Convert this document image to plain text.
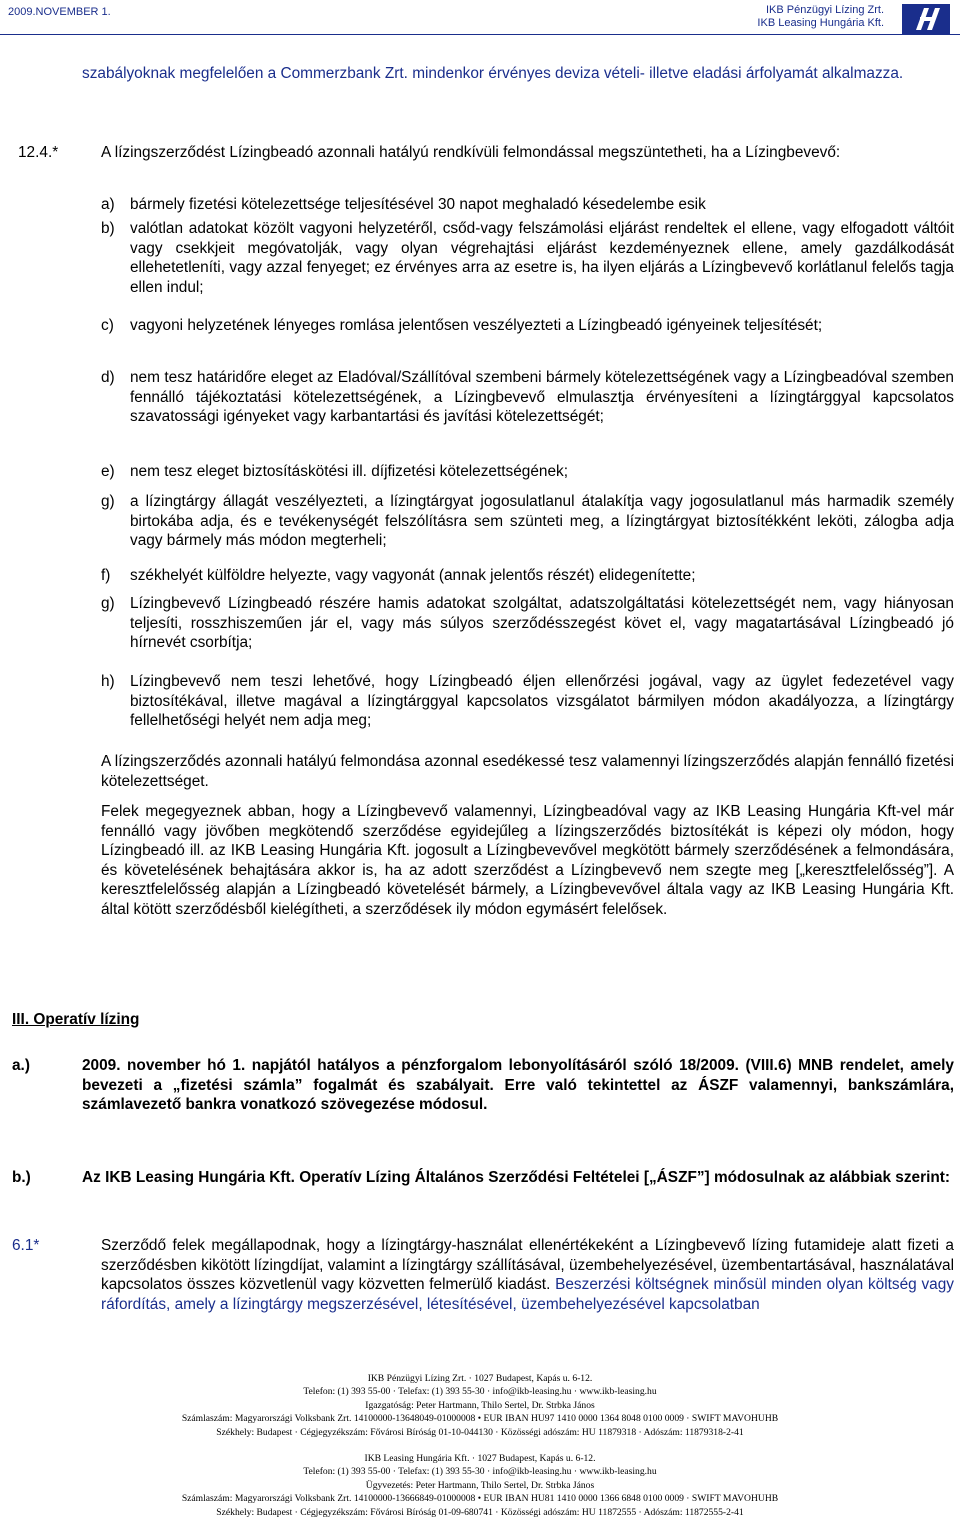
2009.NOVEMBER 1.	IKB Pénzügyi Lízing Zrt.
IKB Leasing Hungária Kft.
szabályoknak megfelelően a Commerzbank Zrt. mindenkor érvényes deviza vételi- illetve eladási árfolyamát alkalmazza.
12.4.*	A lízingszerződést Lízingbeadó azonnali hatályú rendkívüli felmondással megszüntetheti, ha a Lízingbevevő:
a) bármely fizetési kötelezettsége teljesítésével 30 napot meghaladó késedelembe esik
b) valótlan adatokat közölt vagyoni helyzetéről, csőd-vagy felszámolási eljárást rendeltek el ellene, vagy elfogadott váltóit vagy csekkjeit megóvatolják, vagy olyan végrehajtási eljárást kezdeményeznek ellene, amely gazdálkodását ellehetetleníti, vagy azzal fenyeget; ez érvényes arra az esetre is, ha ilyen eljárás a Lízingbevevő korlátlanul felelős tagja ellen indul;
c) vagyoni helyzetének lényeges romlása jelentősen veszélyezteti a Lízingbeadó igényeinek teljesítését;
d) nem tesz határidőre eleget az Eladóval/Szállítóval szembeni bármely kötelezettségének vagy a Lízingbeadóval szemben fennálló tájékoztatási kötelezettségének, a Lízingbevevő elmulasztja érvényesíteni a lízingtárggyal kapcsolatos szavatossági igényeket vagy karbantartási és javítási kötelezettségét;
e) nem tesz eleget biztosításkötési ill. díjfizetési kötelezettségének;
g) a lízingtárgy állagát veszélyezteti, a lízingtárgyat jogosulatlanul átalakítja vagy jogosulatlanul más harmadik személy birtokába adja, és e tevékenységét felszólításra sem szünteti meg, a lízingtárgyat biztosítékként leköti, zálogba adja vagy bármely más módon megterheli;
f) székhelyét külföldre helyezte, vagy vagyonát (annak jelentős részét) elidegenítette;
g) Lízingbevevő Lízingbeadó részére hamis adatokat szolgáltat, adatszolgáltatási kötelezettségét nem, vagy hiányosan teljesíti, rosszhiszeműen jár el, vagy más súlyos szerződésszegést követ el, vagy magatartásával Lízingbeadó jó hírnevét csorbítja;
h) Lízingbevevő nem teszi lehetővé, hogy Lízingbeadó éljen ellenőrzési jogával, vagy az ügylet fedezetével vagy biztosítékával, illetve magával a lízingtárggyal kapcsolatos vizsgálatot bármilyen módon akadályozza, a lízingtárgy fellelhetőségi helyét nem adja meg;
A lízingszerződés azonnali hatályú felmondása azonnal esedékessé tesz valamennyi lízingszerződés alapján fennálló fizetési kötelezettséget.
Felek megegyeznek abban, hogy a Lízingbevevő valamennyi, Lízingbeadóval vagy az IKB Leasing Hungária Kft-vel már fennálló vagy jövőben megkötendő szerződése egyidejűleg a lízingszerződés biztosítékát is képezi oly módon, hogy Lízingbeadó ill. az IKB Leasing Hungária Kft. jogosult a Lízingbevevővel megkötött bármely szerződésének a felmondására, és követelésének behajtására akkor is, ha az adott szerződést a Lízingbevevő nem szegte meg [„keresztfelelősség”]. A keresztfelelősség alapján a Lízingbeadó követelését bármely, a Lízingbevevővel általa vagy az IKB Leasing Hungária Kft. által kötött szerződésből kielégítheti, a szerződések ily módon egymásért felelősek.
III. Operatív lízing
a.)	2009. november hó 1. napjától hatályos a pénzforgalom lebonyolításáról szóló 18/2009. (VIII.6) MNB rendelet, amely bevezeti a „fizetési számla” fogalmát és szabályait. Erre való tekintettel az ÁSZF valamennyi, bankszámlára, számlavezető bankra vonatkozó szövegezése módosul.
b.)	Az IKB Leasing Hungária Kft. Operatív Lízing Általános Szerződési Feltételei [„ÁSZF”] módosulnak az alábbiak szerint:
6.1*	Szerződő felek megállapodnak, hogy a lízingtárgy-használat ellenértékeként a Lízingbevevő lízing futamideje alatt fizeti a szerződésben kikötött lízingdíjat, valamint a lízingtárgy szállításával, üzembehelyezésével, üzembentartásával, használatával kapcsolatos összes közvetlenül vagy közvetten felmerülő kiadást. Beszerzési költségnek minősül minden olyan költség vagy ráfordítás, amely a lízingtárgy megszerzésével, létesítésével, üzembehelyezésével kapcsolatban
IKB Pénzügyi Lízing Zrt. · 1027 Budapest, Kapás u. 6-12.
Telefon: (1) 393 55-00 · Telefax: (1) 393 55-30 · info@ikb-leasing.hu · www.ikb-leasing.hu
Igazgatóság: Peter Hartmann, Thilo Sertel, Dr. Strbka János
Számlaszám: Magyarországi Volksbank Zrt. 14100000-13648049-01000008 • EUR IBAN HU97 1410 0000 1364 8048 0100 0009 · SWIFT MAVOHUHB
Székhely: Budapest · Cégjegyzékszám: Fővárosi Bíróság 01-10-044130 · Közösségi adószám: HU 11879318 · Adószám: 11879318-2-41
IKB Leasing Hungária Kft. · 1027 Budapest, Kapás u. 6-12.
Telefon: (1) 393 55-00 · Telefax: (1) 393 55-30 · info@ikb-leasing.hu · www.ikb-leasing.hu
Ügyvezetés: Peter Hartmann, Thilo Sertel, Dr. Strbka János
Számlaszám: Magyarországi Volksbank Zrt. 14100000-13666849-01000008 • EUR IBAN HU81 1410 0000 1366 6848 0100 0009 · SWIFT MAVOHUHB
Székhely: Budapest · Cégjegyzékszám: Fővárosi Bíróság 01-09-680741 · Közösségi adószám: HU 11872555 · Adószám: 11872555-2-41
